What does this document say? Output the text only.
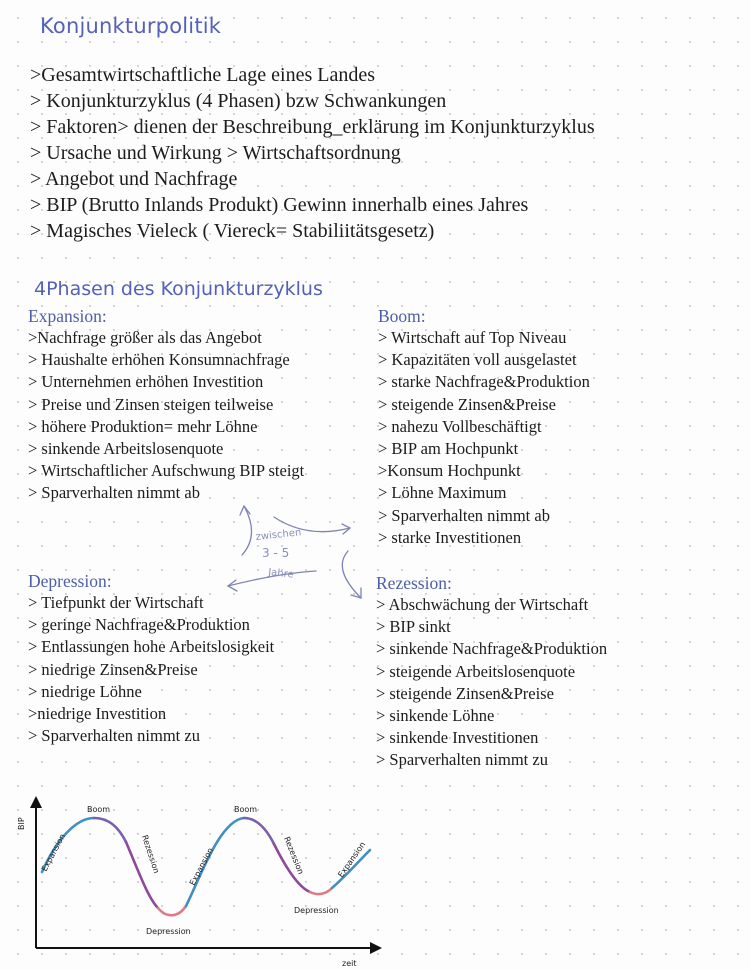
Konjunkturpolitik
>Gesamtwirtschaftliche Lage eines Landes
> Konjunkturzyklus (4 Phasen) bzw Schwankungen
> Faktoren> dienen der Beschreibung_erklärung im Konjunkturzyklus
> Ursache und Wirkung > Wirtschaftsordnung
> Angebot und Nachfrage
> BIP (Brutto Inlands Produkt) Gewinn innerhalb eines Jahres
> Magisches Vieleck ( Viereck= Stabiliitätsgesetz)
4Phasen des Konjunkturzyklus
Expansion:
>Nachfrage größer als das Angebot
> Haushalte erhöhen Konsumnachfrage
> Unternehmen erhöhen Investition
> Preise und Zinsen steigen teilweise
> höhere Produktion= mehr Löhne
> sinkende Arbeitslosenquote
> Wirtschaftlicher Aufschwung BIP steigt
> Sparverhalten nimmt ab
Boom:
> Wirtschaft auf Top Niveau
> Kapazitäten voll ausgelastet
> starke Nachfrage&Produktion
> steigende Zinsen&Preise
> nahezu Vollbeschäftigt
> BIP am Hochpunkt
>Konsum Hochpunkt
> Löhne Maximum
> Sparverhalten nimmt ab
> starke Investitionen
Depression:
> Tiefpunkt der Wirtschaft
> geringe Nachfrage&Produktion
> Entlassungen hohe Arbeitslosigkeit
> niedrige Zinsen&Preise
> niedrige Löhne
>niedrige Investition
> Sparverhalten nimmt zu
Rezession:
> Abschwächung der Wirtschaft
> BIP sinkt
> sinkende Nachfrage&Produktion
> steigende Arbeitslosenquote
> steigende Zinsen&Preise
> sinkende Löhne
> sinkende Investitionen
> Sparverhalten nimmt zu
zwischen
3 - 5
Jahre
BIP
zeit
Boom	Boom
Expansion	Expansion	Expansion
Rezession	Rezession
Depression
Depression
